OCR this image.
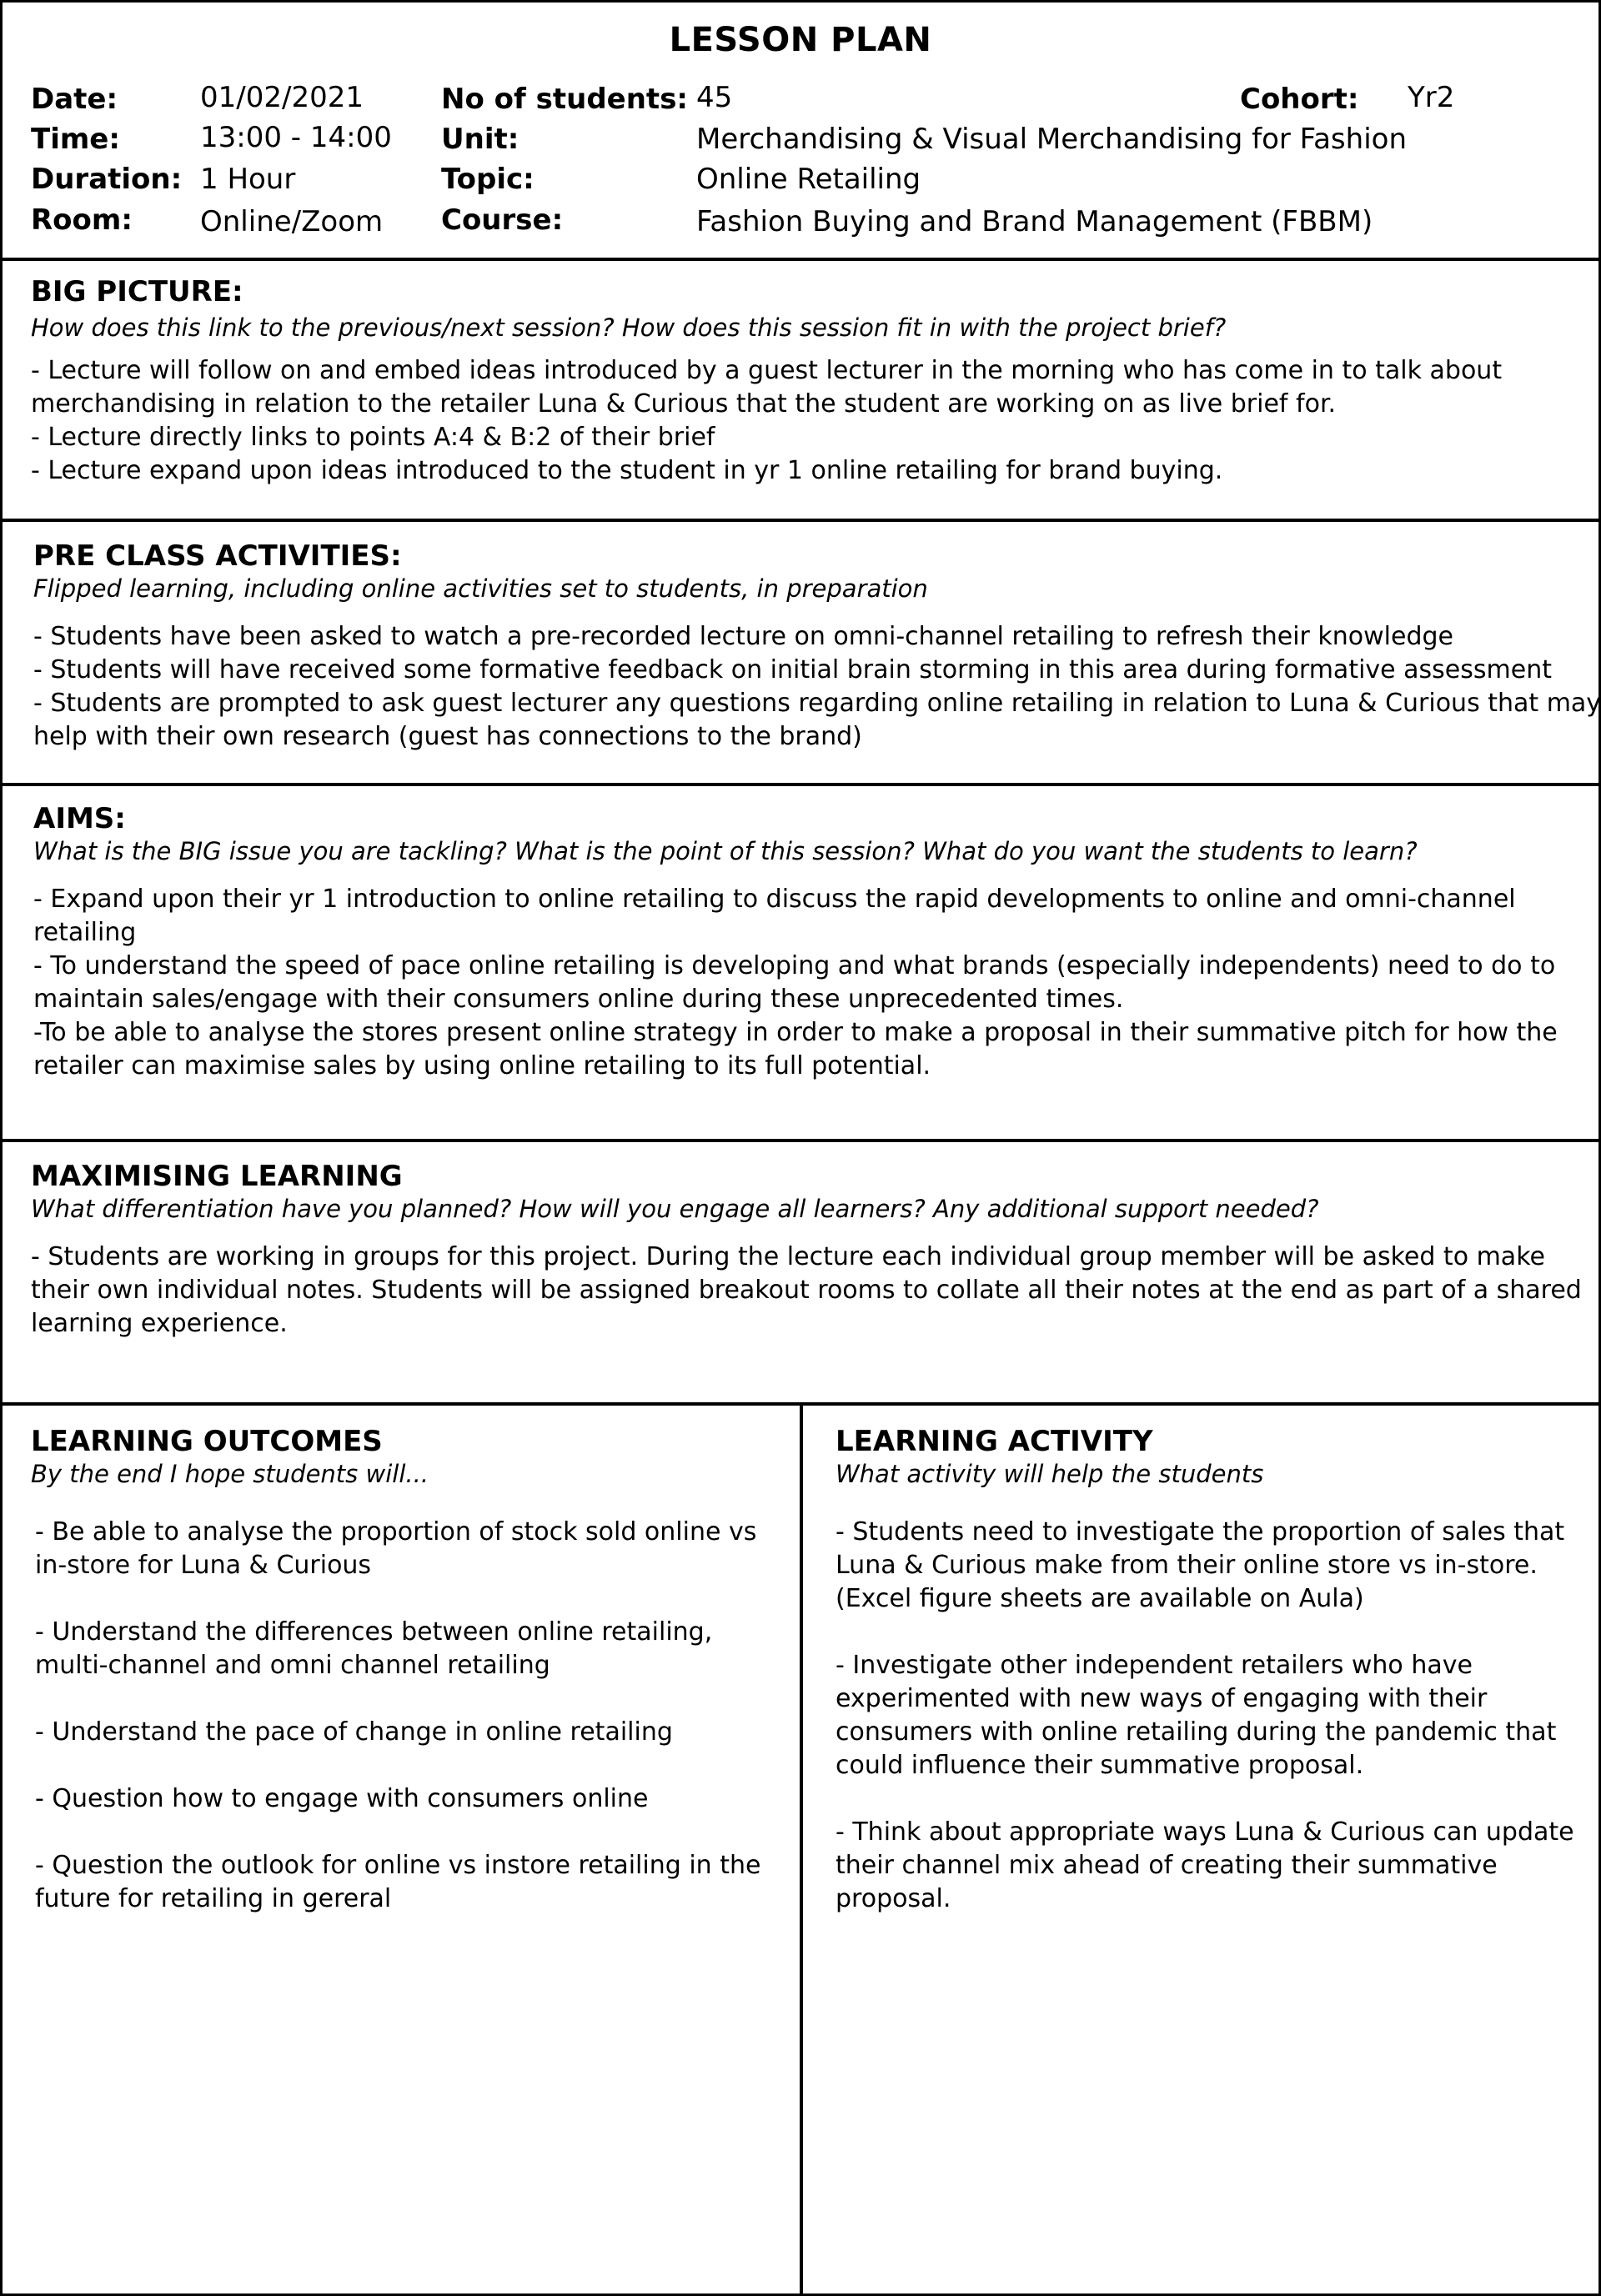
LESSON PLAN
Date:	01/02/2021
Time:	13:00 - 14:00
Duration: 1 Hour
Room: Online/Zoom
No of students: 45
Unit:	Merchandising & Visual Merchandising for Fashion
Topic:	Online Retailing
Course:	Fashion Buying and Brand Management (FBBM)
Cohort: Yr2

BIG PICTURE:

How does this link to the previous/next session? How does this session fit in with the project brief?

- Lecture will follow on and embed ideas introduced by a guest lecturer in the morning who has come in to talk about
merchandising in relation to the retailer Luna & Curious that the student are working on as live brief for.
- Lecture directly links to points A:4 & B:2 of their brief
- Lecture expand upon ideas introduced to the student in yr 1 online retailing for brand buying.

PRE CLASS ACTIVITIES:

Flipped learning, including online activities set to students, in preparation

- Students have been asked to watch a pre-recorded lecture on omni-channel retailing to refresh their knowledge
- Students will have received some formative feedback on initial brain storming in this area during formative assessment
- Students are prompted to ask guest lecturer any questions regarding online retailing in relation to Luna & Curious that may
help with their own research (guest has connections to the brand)

AIMS:

What is the BIG issue you are tackling? What is the point of this session? What do you want the students to learn?

- Expand upon their yr 1 introduction to online retailing to discuss the rapid developments to online and omni-channel
retailing
- To understand the speed of pace online retailing is developing and what brands (especially independents) need to do to
maintain sales/engage with their consumers online during these unprecedented times.
-To be able to analyse the stores present online strategy in order to make a proposal in their summative pitch for how the
retailer can maximise sales by using online retailing to its full potential.

MAXIMISING LEARNING

What differentiation have you planned? How will you engage all learners? Any additional support needed?

- Students are working in groups for this project. During the lecture each individual group member will be asked to make
their own individual notes. Students will be assigned breakout rooms to collate all their notes at the end as part of a shared
learning experience.

LEARNING OUTCOMES

By the end I hope students will...

- Be able to analyse the proportion of stock sold online vs
in-store for Luna & Curious
- Understand the differences between online retailing,
multi-channel and omni channel retailing
- Understand the pace of change in online retailing
- Question how to engage with consumers online
- Question the outlook for online vs instore retailing in the
future for retailing in gereral

LEARNING ACTIVITY

What activity will help the students

- Students need to investigate the proportion of sales that
Luna & Curious make from their online store vs in-store.
(Excel figure sheets are available on Aula)
- Investigate other independent retailers who have
experimented with new ways of engaging with their
consumers with online retailing during the pandemic that
could influence their summative proposal.
- Think about appropriate ways Luna & Curious can update
their channel mix ahead of creating their summative
proposal.
